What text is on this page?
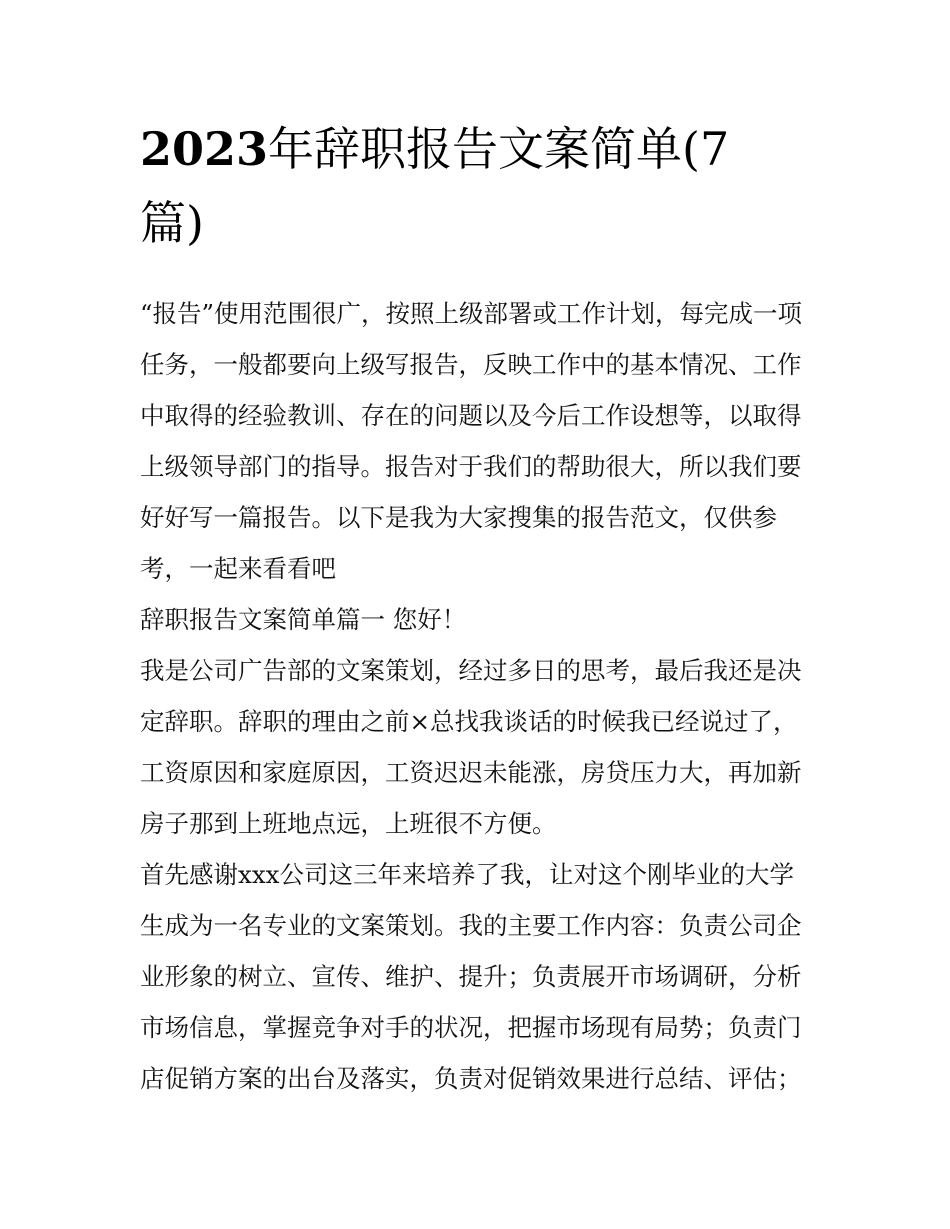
2023年辞职报告文案简单(7
篇)

“报告”使用范围很广，按照上级部署或工作计划，每完成一项
任务，一般都要向上级写报告，反映工作中的基本情况、工作
中取得的经验教训、存在的问题以及今后工作设想等，以取得
上级领导部门的指导。报告对于我们的帮助很大，所以我们要
好好写一篇报告。以下是我为大家搜集的报告范文，仅供参
考，一起来看看吧

辞职报告文案简单篇一 您好！

我是公司广告部的文案策划，经过多日的思考，最后我还是决
定辞职。辞职的理由之前×总找我谈话的时候我已经说过了，
工资原因和家庭原因，工资迟迟未能涨，房贷压力大，再加新
房子那到上班地点远，上班很不方便。

首先感谢xxx公司这三年来培养了我，让对这个刚毕业的大学
生成为一名专业的文案策划。我的主要工作内容：负责公司企
业形象的树立、宣传、维护、提升；负责展开市场调研，分析
市场信息，掌握竞争对手的状况，把握市场现有局势；负责门
店促销方案的出台及落实，负责对促销效果进行总结、评估；
